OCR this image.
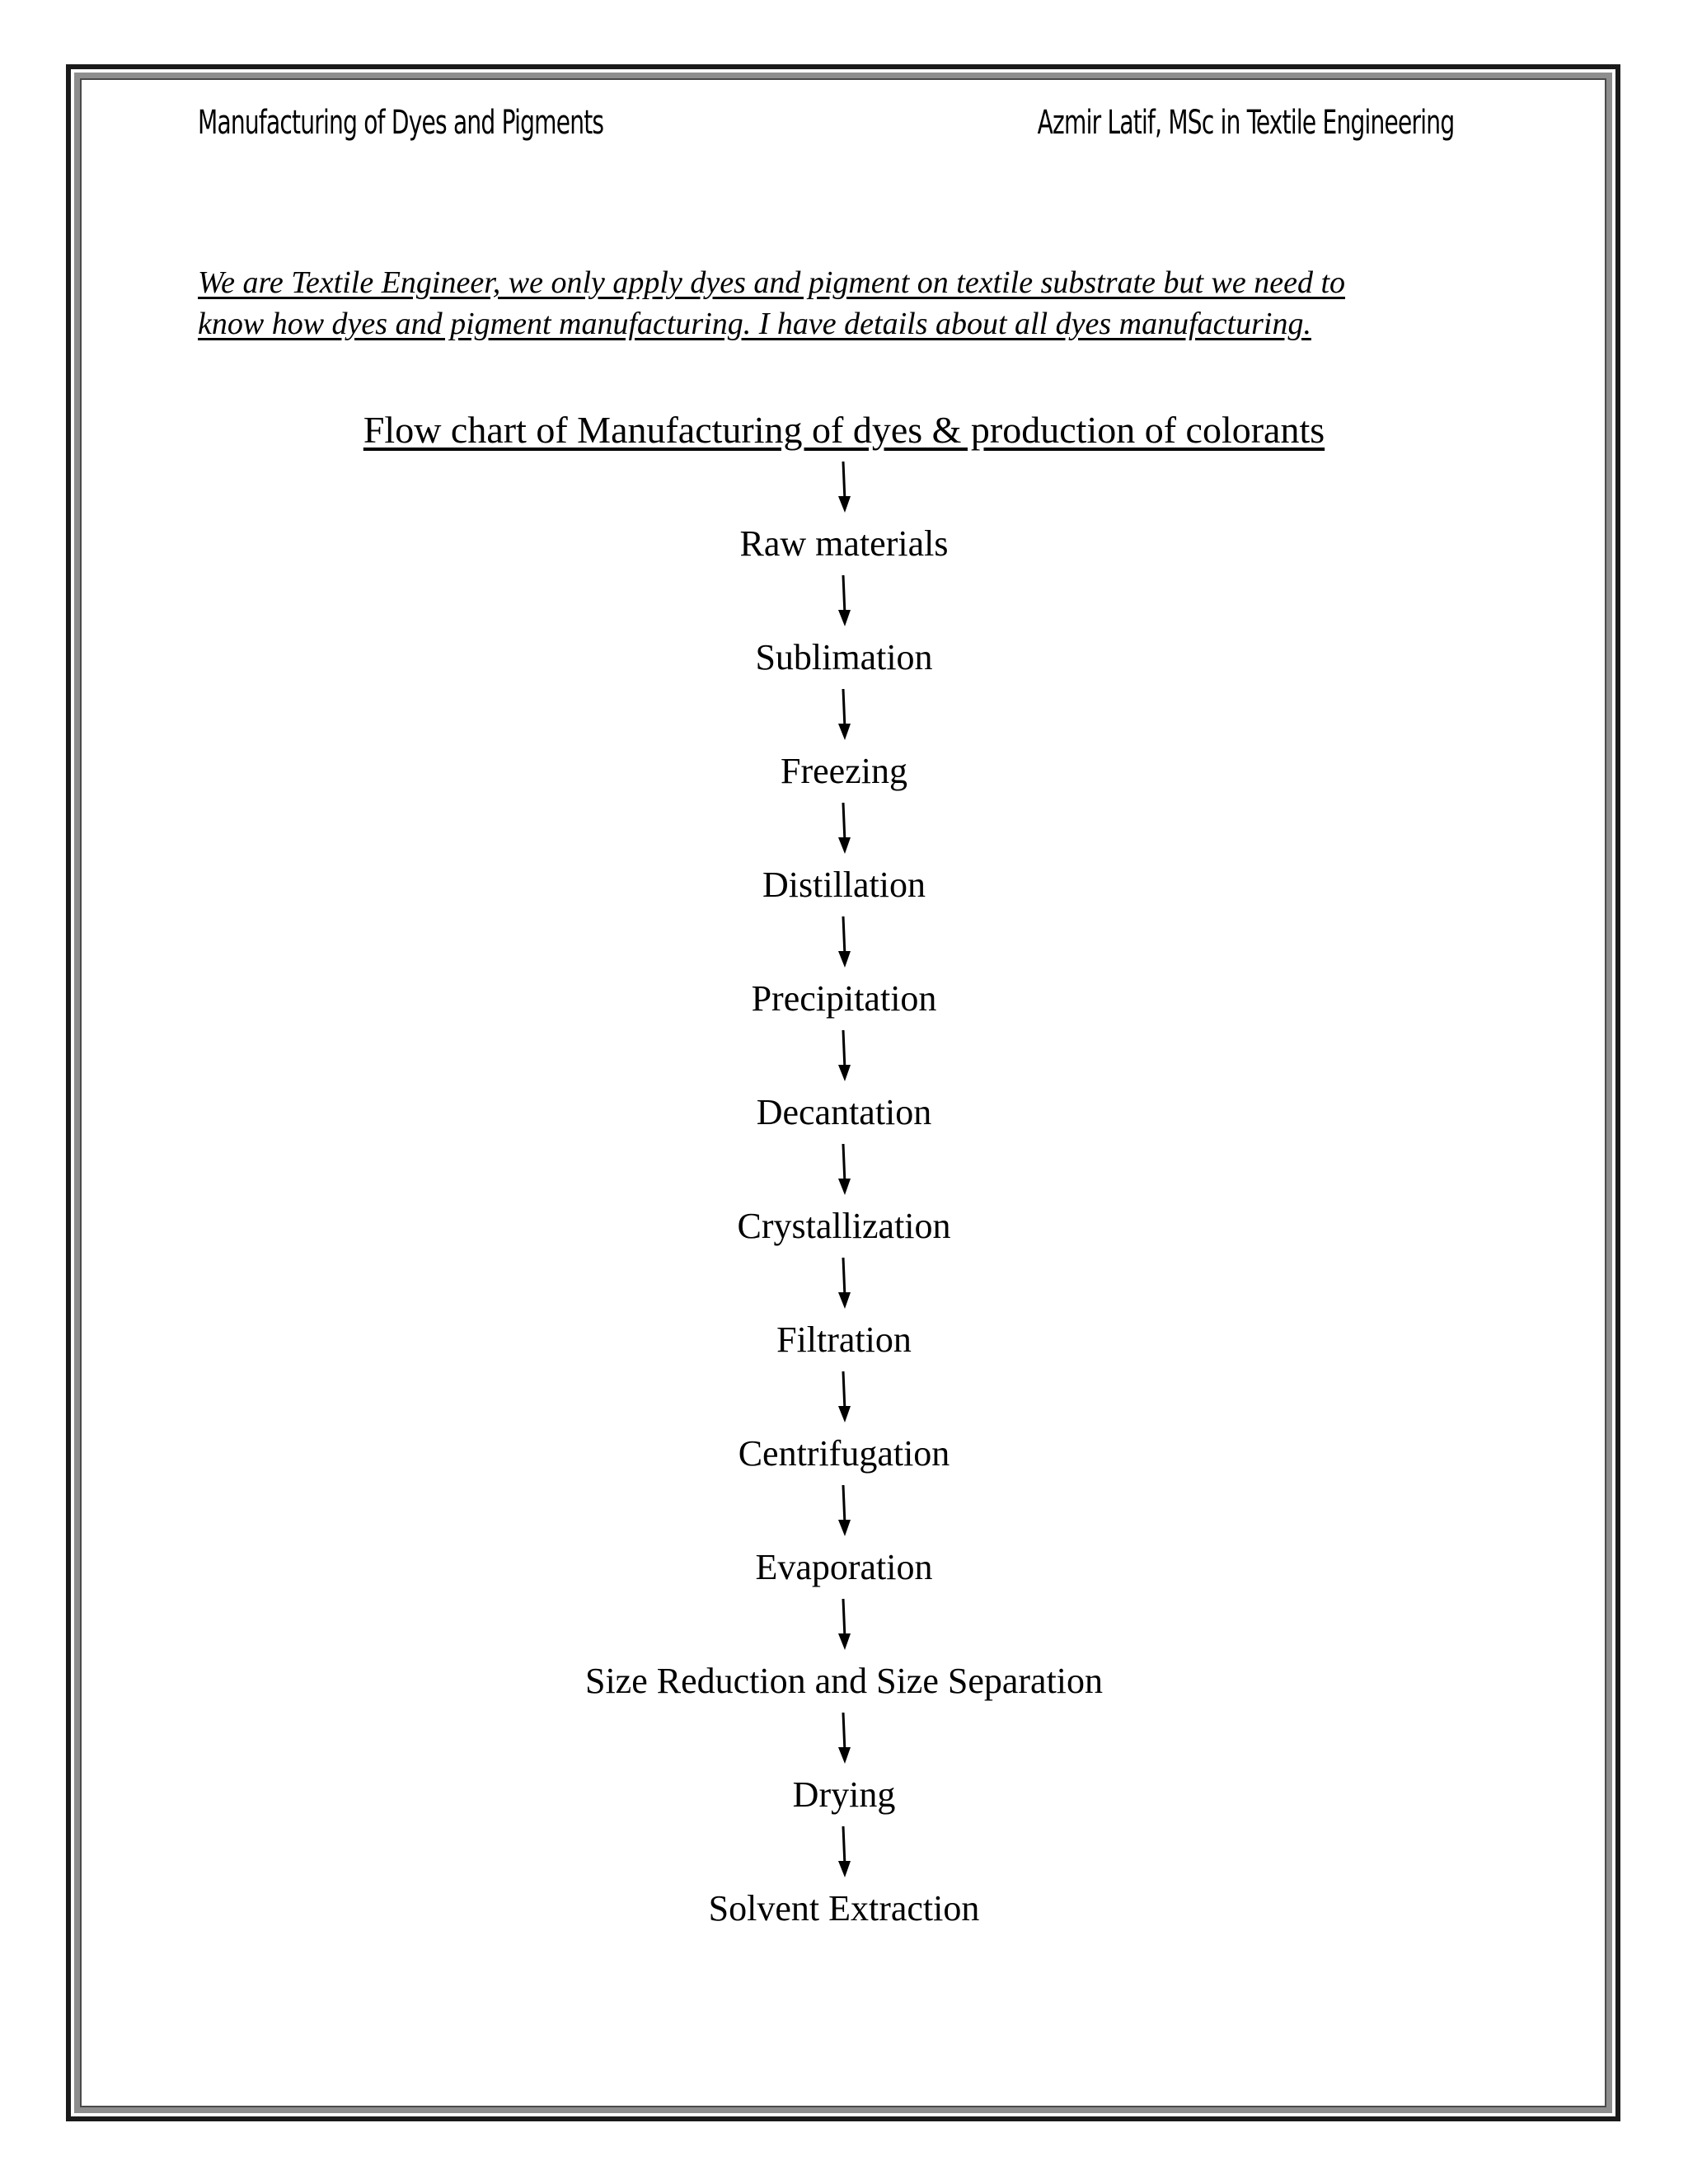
Manufacturing of Dyes and Pigments	Azmir Latif, MSc in Textile Engineering
We are Textile Engineer, we only apply dyes and pigment on textile substrate but we need to
know how dyes and pigment manufacturing. I have details about all dyes manufacturing.
Flow chart of Manufacturing of dyes & production of colorants
Raw materials
Sublimation
Freezing
Distillation
Precipitation
Decantation
Crystallization
Filtration
Centrifugation
Evaporation
Size Reduction and Size Separation
Drying
Solvent Extraction
